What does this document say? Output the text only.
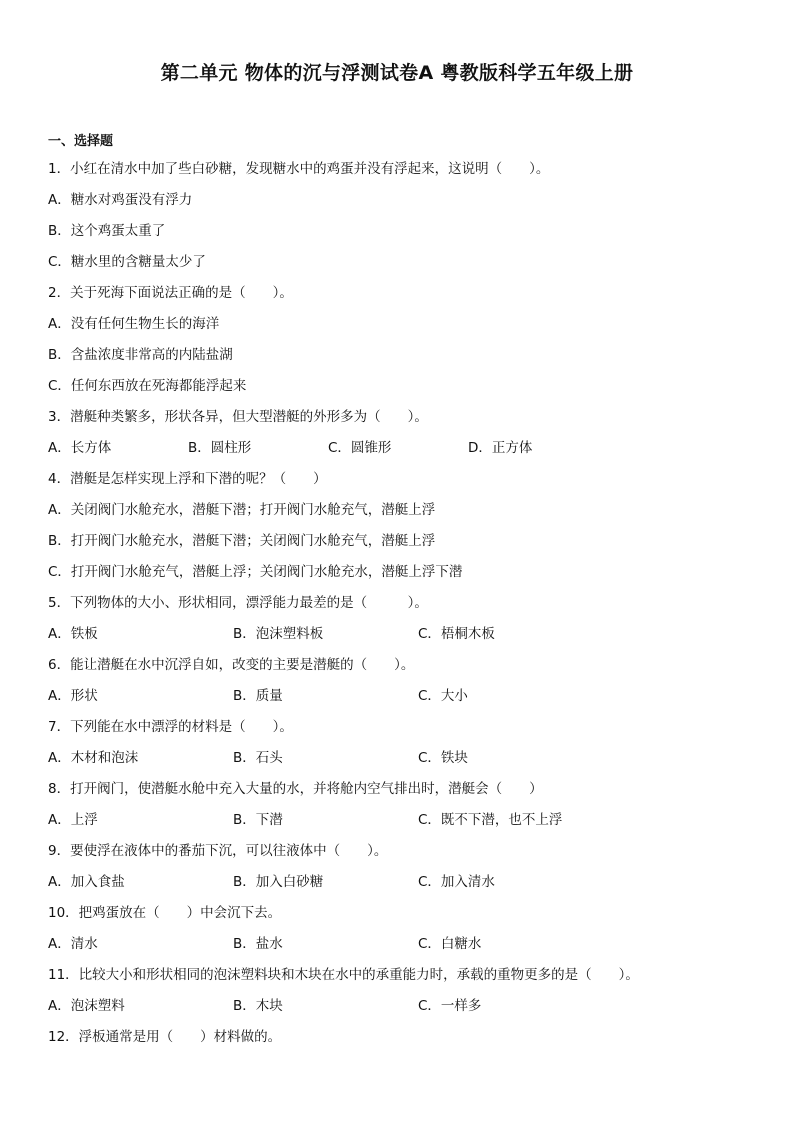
第二单元 物体的沉与浮测试卷A 粤教版科学五年级上册
一、选择题
1．小红在清水中加了些白砂糖，发现糖水中的鸡蛋并没有浮起来，这说明（　　）。
A．糖水对鸡蛋没有浮力
B．这个鸡蛋太重了
C．糖水里的含糖量太少了
2．关于死海下面说法正确的是（　　）。
A．没有任何生物生长的海洋
B．含盐浓度非常高的内陆盐湖
C．任何东西放在死海都能浮起来
3．潜艇种类繁多，形状各异，但大型潜艇的外形多为（　　）。
A．长方体	B．圆柱形	C．圆锥形	D．正方体
4．潜艇是怎样实现上浮和下潜的呢？（　　）
A．关闭阀门水舱充水，潜艇下潜；打开阀门水舱充气，潜艇上浮
B．打开阀门水舱充水，潜艇下潜；关闭阀门水舱充气，潜艇上浮
C．打开阀门水舱充气，潜艇上浮；关闭阀门水舱充水，潜艇上浮下潜
5．下列物体的大小、形状相同，漂浮能力最差的是（　　　）。
A．铁板	B．泡沫塑料板	C．梧桐木板
6．能让潜艇在水中沉浮自如，改变的主要是潜艇的（　　）。
A．形状	B．质量	C．大小
7．下列能在水中漂浮的材料是（　　）。
A．木材和泡沫	B．石头	C．铁块
8．打开阀门，使潜艇水舱中充入大量的水，并将舱内空气排出时，潜艇会（　　）
A．上浮	B．下潜	C．既不下潜，也不上浮
9．要使浮在液体中的番茄下沉，可以往液体中（　　）。
A．加入食盐	B．加入白砂糖	C．加入清水
10．把鸡蛋放在（　　）中会沉下去。
A．清水	B．盐水	C．白糖水
11．比较大小和形状相同的泡沫塑料块和木块在水中的承重能力时，承载的重物更多的是（　　）。
A．泡沫塑料	B．木块	C．一样多
12．浮板通常是用（　　）材料做的。
